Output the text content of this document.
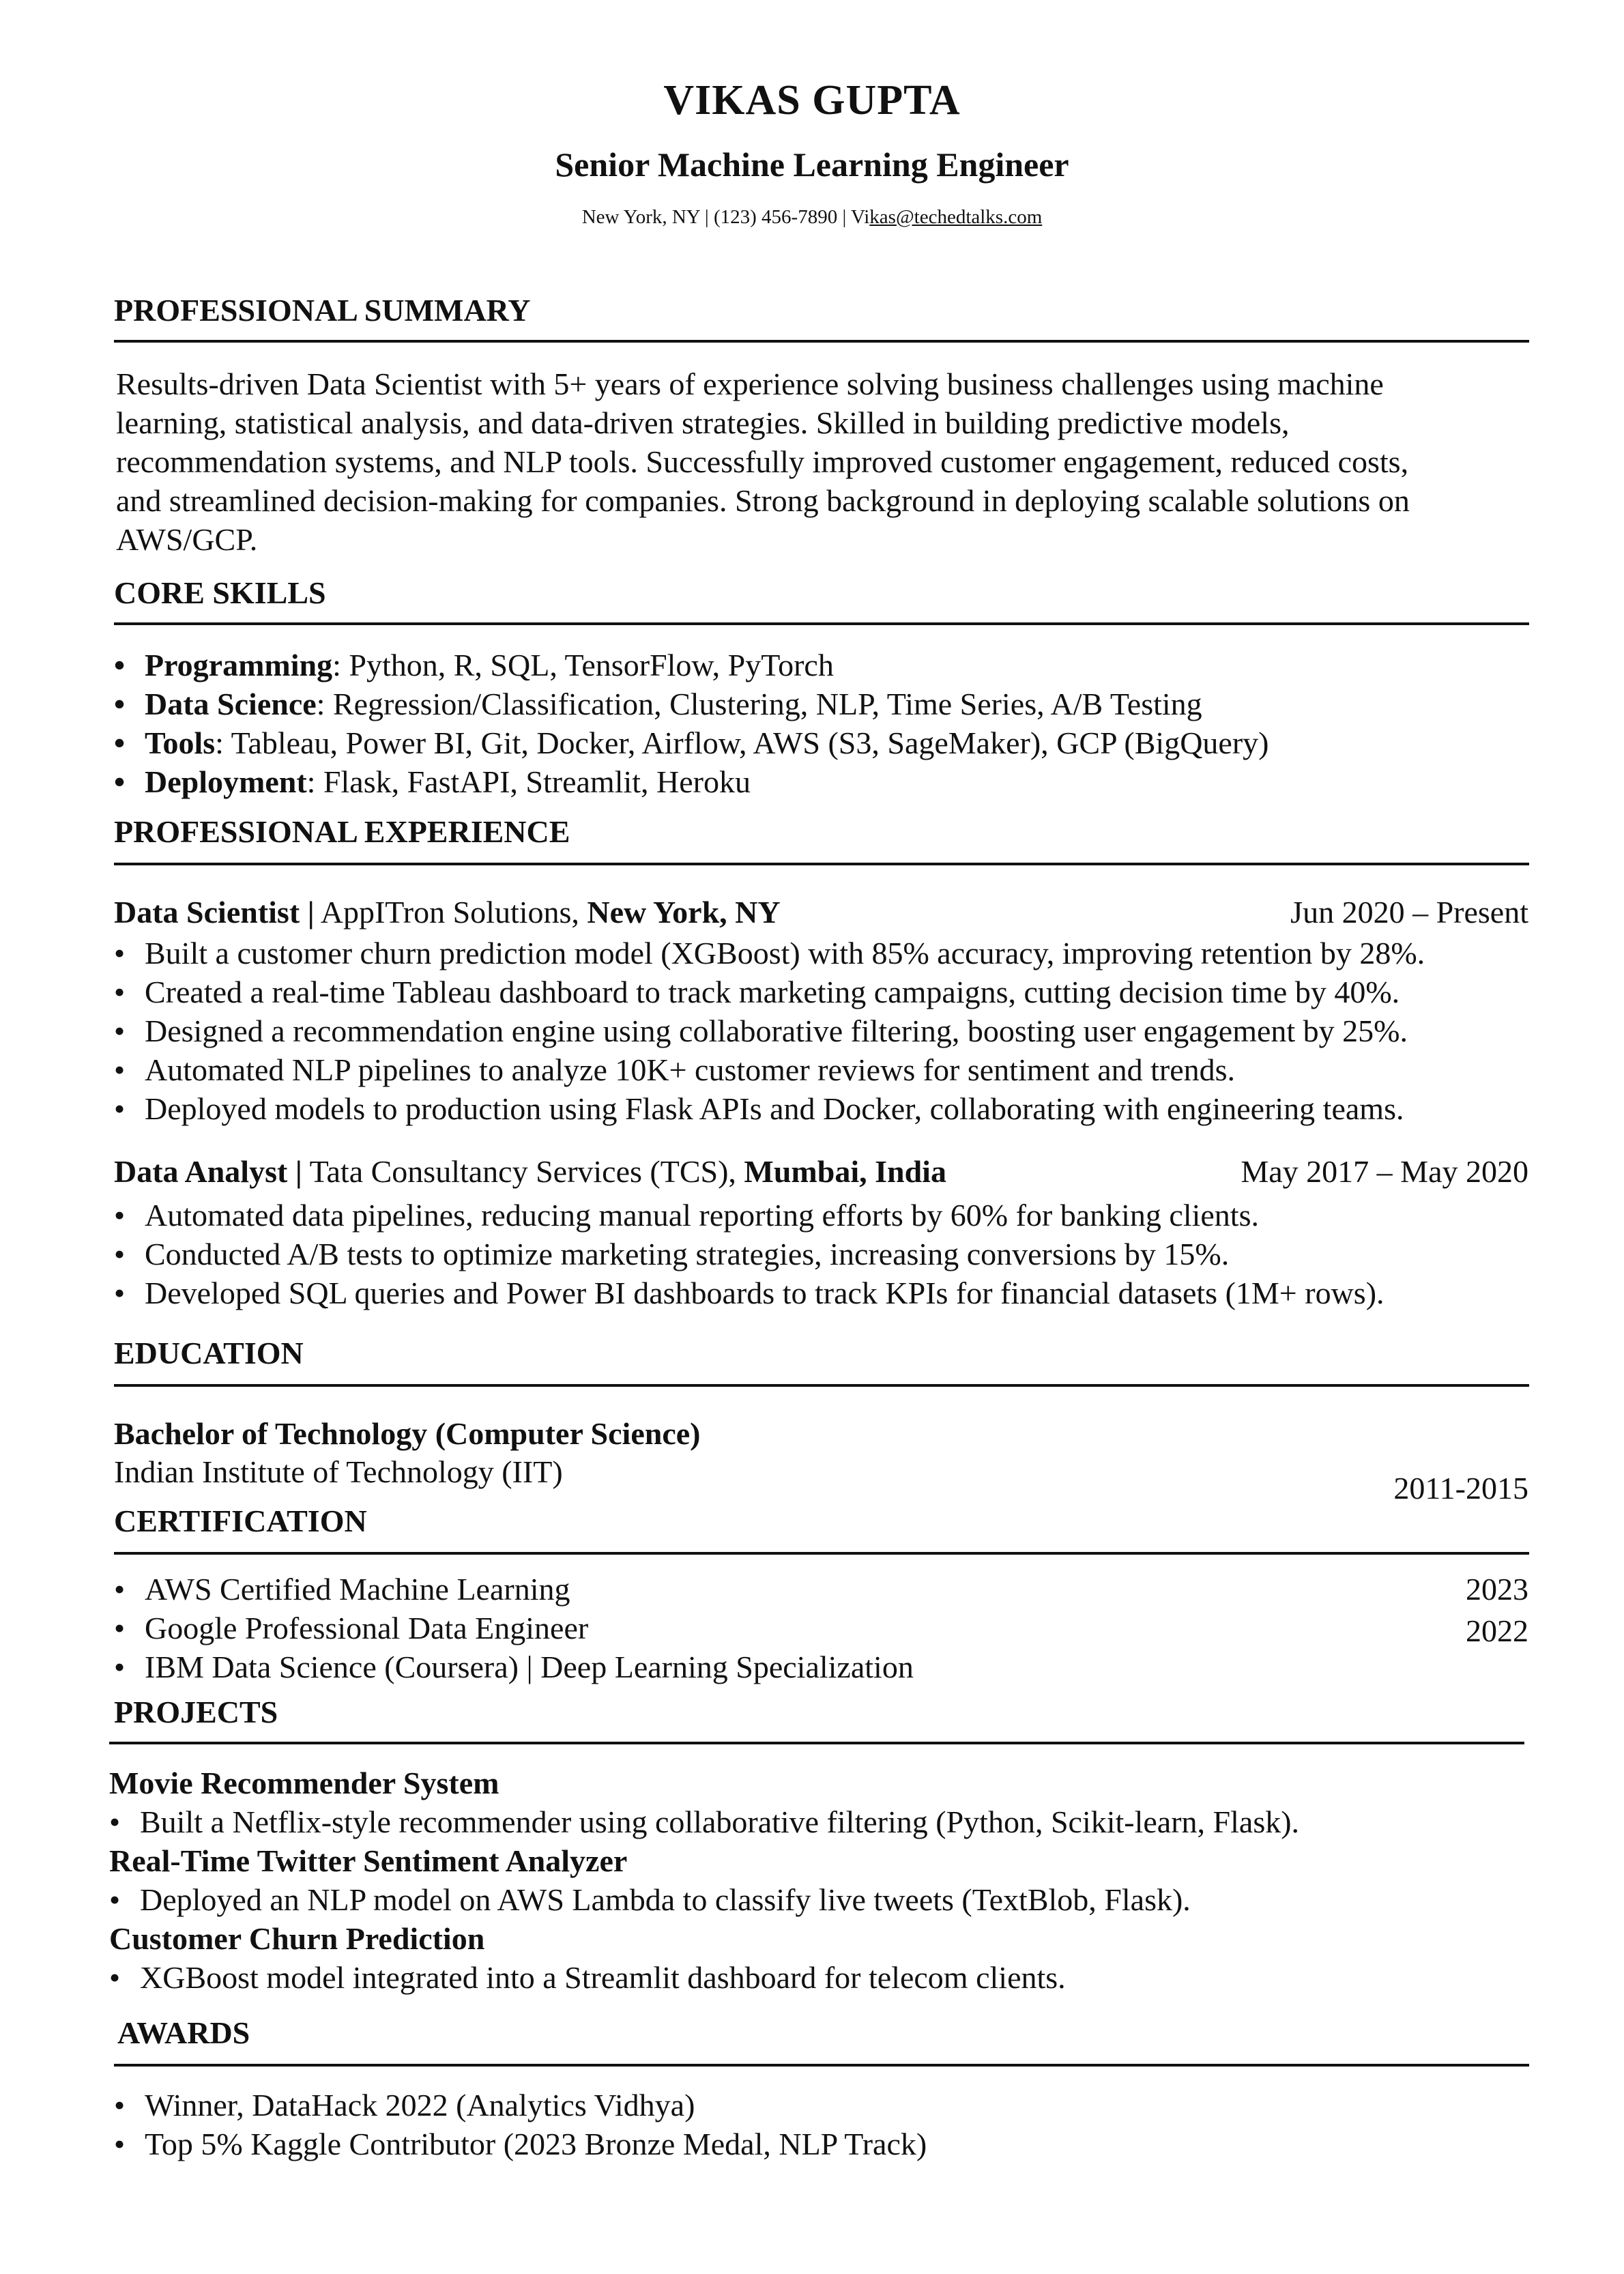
VIKAS GUPTA
Senior Machine Learning Engineer
New York, NY | (123) 456-7890 | Vikas@techedtalks.com
PROFESSIONAL SUMMARY
Results-driven Data Scientist with 5+ years of experience solving business challenges using machine
learning, statistical analysis, and data-driven strategies. Skilled in building predictive models,
recommendation systems, and NLP tools. Successfully improved customer engagement, reduced costs,
and streamlined decision-making for companies. Strong background in deploying scalable solutions on
AWS/GCP.
CORE SKILLS
• Programming: Python, R, SQL, TensorFlow, PyTorch
• Data Science: Regression/Classification, Clustering, NLP, Time Series, A/B Testing
• Tools: Tableau, Power BI, Git, Docker, Airflow, AWS (S3, SageMaker), GCP (BigQuery)
• Deployment: Flask, FastAPI, Streamlit, Heroku
PROFESSIONAL EXPERIENCE
Data Scientist | AppITron Solutions, New York, NY	Jun 2020 – Present
• Built a customer churn prediction model (XGBoost) with 85% accuracy, improving retention by 28%.
• Created a real-time Tableau dashboard to track marketing campaigns, cutting decision time by 40%.
• Designed a recommendation engine using collaborative filtering, boosting user engagement by 25%.
• Automated NLP pipelines to analyze 10K+ customer reviews for sentiment and trends.
• Deployed models to production using Flask APIs and Docker, collaborating with engineering teams.
Data Analyst | Tata Consultancy Services (TCS), Mumbai, India	May 2017 – May 2020
• Automated data pipelines, reducing manual reporting efforts by 60% for banking clients.
• Conducted A/B tests to optimize marketing strategies, increasing conversions by 15%.
• Developed SQL queries and Power BI dashboards to track KPIs for financial datasets (1M+ rows).
EDUCATION
Bachelor of Technology (Computer Science)
Indian Institute of Technology (IIT)	2011-2015
CERTIFICATION
• AWS Certified Machine Learning	2023
• Google Professional Data Engineer	2022
• IBM Data Science (Coursera) | Deep Learning Specialization
PROJECTS
Movie Recommender System
• Built a Netflix-style recommender using collaborative filtering (Python, Scikit-learn, Flask).
Real-Time Twitter Sentiment Analyzer
• Deployed an NLP model on AWS Lambda to classify live tweets (TextBlob, Flask).
Customer Churn Prediction
• XGBoost model integrated into a Streamlit dashboard for telecom clients.
AWARDS
• Winner, DataHack 2022 (Analytics Vidhya)
• Top 5% Kaggle Contributor (2023 Bronze Medal, NLP Track)
